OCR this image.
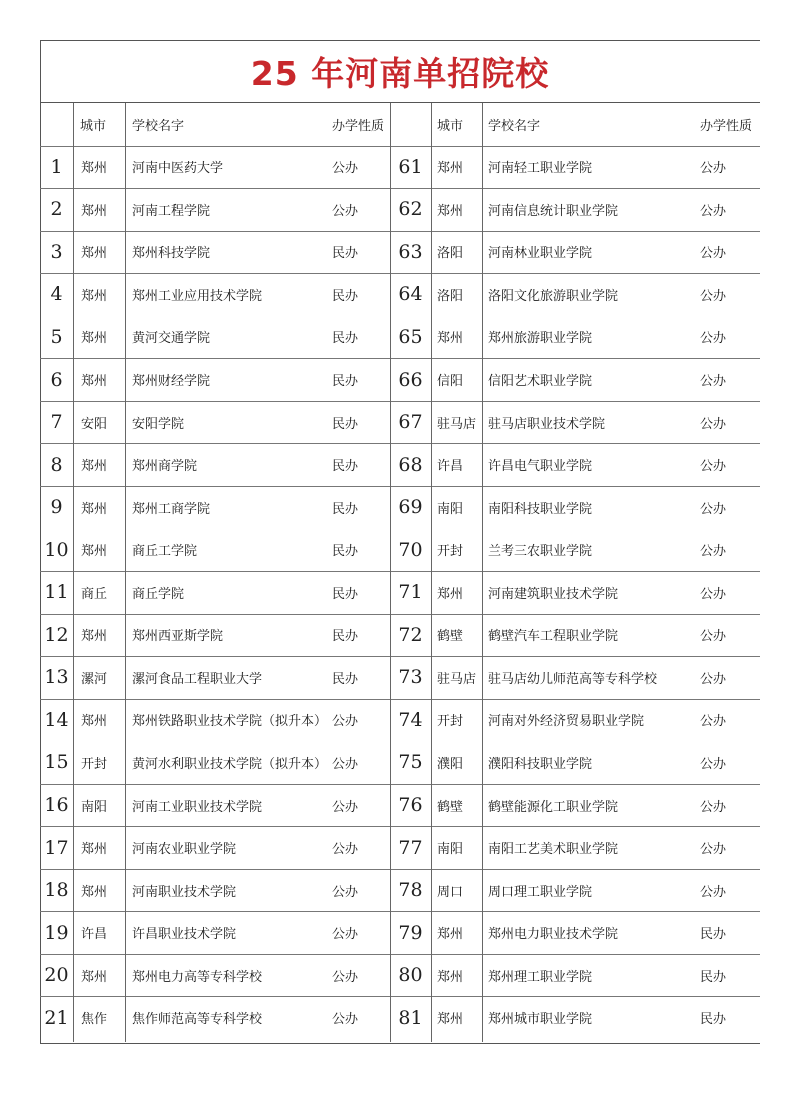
25 年河南单招院校
城市	学校名字	办学性质	城市	学校名字	办学性质
1	郑州	河南中医药大学	公办	61	郑州	河南轻工职业学院	公办
2	郑州	河南工程学院	公办	62	郑州	河南信息统计职业学院	公办
3	郑州	郑州科技学院	民办	63	洛阳	河南林业职业学院	公办
4	郑州	郑州工业应用技术学院	民办	64	洛阳	洛阳文化旅游职业学院	公办
5	郑州	黄河交通学院	民办	65	郑州	郑州旅游职业学院	公办
6	郑州	郑州财经学院	民办	66	信阳	信阳艺术职业学院	公办
7	安阳	安阳学院	民办	67	驻马店 驻马店职业技术学院	公办
8	郑州	郑州商学院	民办	68	许昌	许昌电气职业学院	公办
9	郑州	郑州工商学院	民办	69	南阳	南阳科技职业学院	公办
10 郑州	商丘工学院	民办	70	开封	兰考三农职业学院	公办
11 商丘	商丘学院	民办	71	郑州	河南建筑职业技术学院	公办
12 郑州	郑州西亚斯学院	民办	72	鹤壁	鹤壁汽车工程职业学院	公办
13 漯河	漯河食品工程职业大学	民办	73	驻马店 驻马店幼儿师范高等专科学校	公办
14 郑州	郑州铁路职业技术学院（拟升本） 公办	74	开封	河南对外经济贸易职业学院	公办
15 开封	黄河水利职业技术学院（拟升本） 公办	75	濮阳	濮阳科技职业学院	公办
16 南阳	河南工业职业技术学院	公办	76	鹤壁	鹤壁能源化工职业学院	公办
17 郑州	河南农业职业学院	公办	77	南阳	南阳工艺美术职业学院	公办
18 郑州	河南职业技术学院	公办	78	周口	周口理工职业学院	公办
19 许昌	许昌职业技术学院	公办	79	郑州	郑州电力职业技术学院	民办
20 郑州	郑州电力高等专科学校	公办	80	郑州	郑州理工职业学院	民办
21 焦作	焦作师范高等专科学校	公办	81	郑州	郑州城市职业学院	民办
